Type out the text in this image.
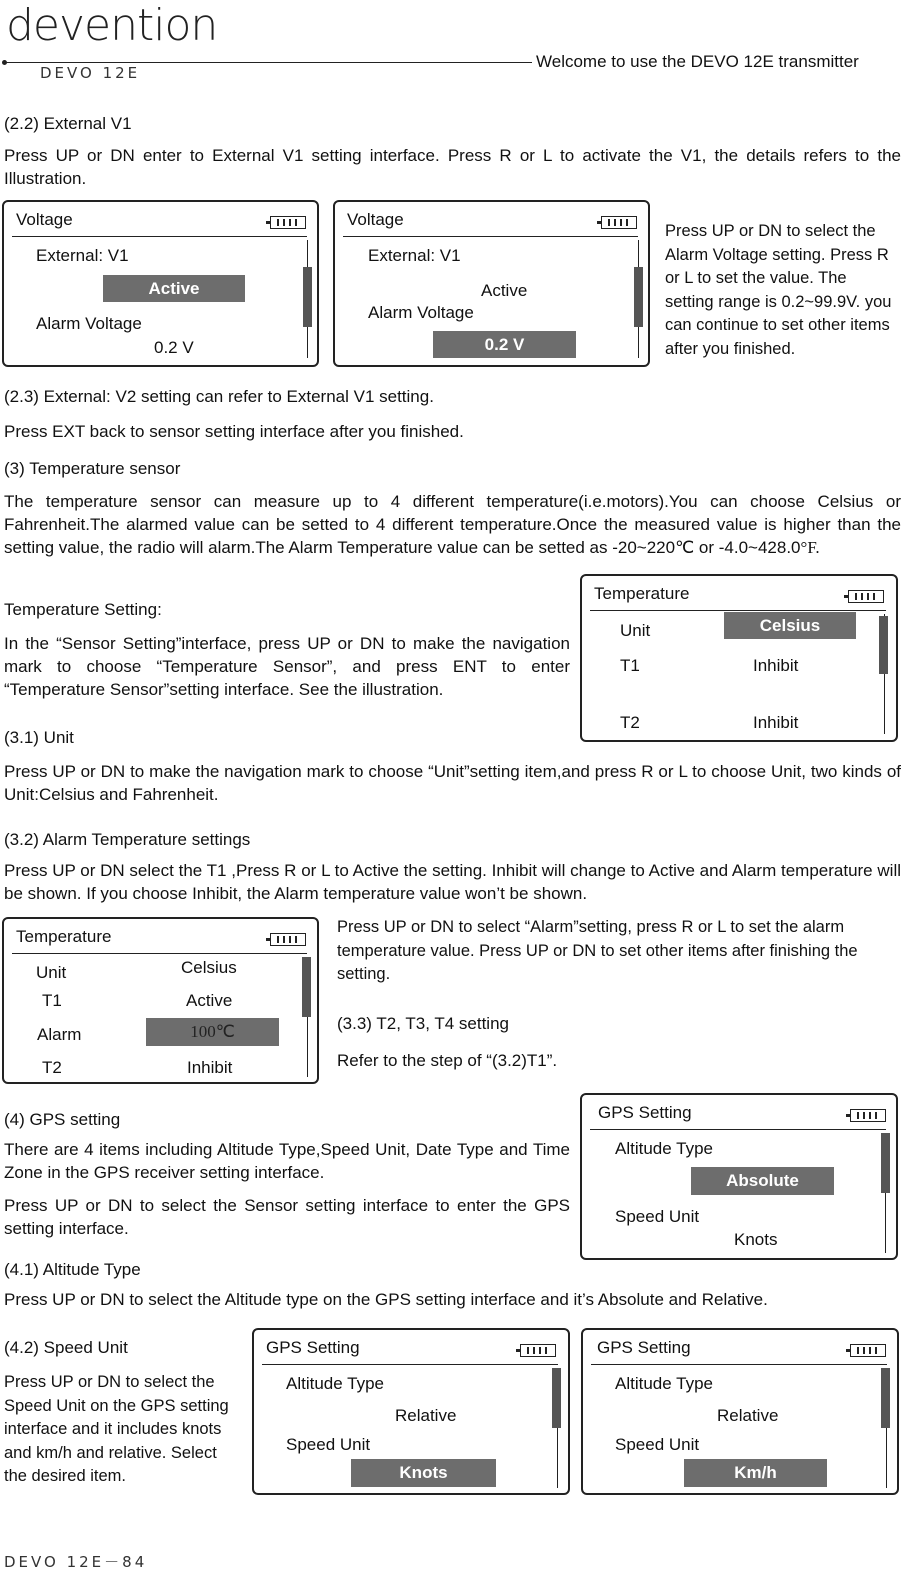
devention
DEVO 12E
Welcome to use the DEVO 12E transmitter
(2.2) External V1
Press UP or DN enter to External V1 setting interface. Press R or L to activate the V1, the details refers to the Illustration.
Voltage
External: V1
Active
Alarm Voltage
0.2 V
Voltage
External: V1
Active
Alarm Voltage
0.2 V
Press UP or DN to select the Alarm Voltage setting. Press R or L to set the value. The setting range is 0.2~99.9V. you can continue to set other items after you finished.
(2.3) External: V2 setting can refer to External V1 setting.
Press EXT back to sensor setting interface after you finished.
(3) Temperature sensor
The temperature sensor can measure up to 4 different temperature(i.e.motors).You can choose Celsius or Fahrenheit.The alarmed value can be setted to 4 different temperature.Once the measured value is higher than the setting value, the radio will alarm.The Alarm Temperature value can be setted as -20~220℃ or -4.0~428.0°F.
Temperature Setting:
In the “Sensor Setting”interface, press UP or DN to make the navigation mark to choose “Temperature Sensor”, and press ENT to enter “Temperature Sensor”setting interface. See the illustration.
Temperature
Unit	Celsius
T1	Inhibit
T2	Inhibit
(3.1) Unit
Press UP or DN to make the navigation mark to choose “Unit”setting item,and press R or L to choose Unit, two kinds of Unit:Celsius and Fahrenheit.
(3.2) Alarm Temperature settings
Press UP or DN select the T1 ,Press R or L to Active the setting. Inhibit will change to Active and Alarm temperature will be shown. If you choose Inhibit, the Alarm temperature value won’t be shown.
Temperature
Unit	Celsius
T1	Active
Alarm	100℃
T2	Inhibit
Press UP or DN to select “Alarm”setting, press R or L to set the alarm temperature value. Press UP or DN to set other items after finishing the setting.
(3.3) T2, T3, T4 setting
Refer to the step of “(3.2)T1”.
(4) GPS setting
There are 4 items including Altitude Type,Speed Unit, Date Type and Time Zone in the GPS receiver setting interface.
Press UP or DN to select the Sensor setting interface to enter the GPS setting interface.
GPS Setting
Altitude Type
Absolute
Speed Unit
Knots
(4.1) Altitude Type
Press UP or DN to select the Altitude type on the GPS setting interface and it’s Absolute and Relative.
(4.2) Speed Unit
Press UP or DN to select the Speed Unit on the GPS setting interface and it includes knots and km/h and relative. Select the desired item.
GPS Setting
Altitude Type
Relative
Speed Unit
Knots
GPS Setting
Altitude Type
Relative
Speed Unit
Km/h
DEVO 12E－84
